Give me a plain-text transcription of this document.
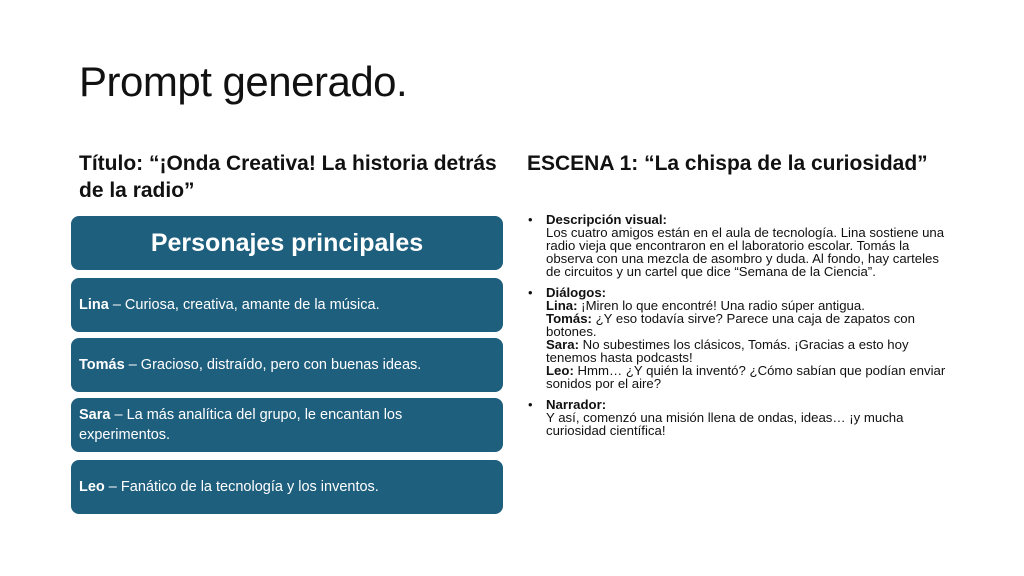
Prompt generado.
Título: “¡Onda Creativa! La historia detrás de la radio”
Personajes principales
Lina – Curiosa, creativa, amante de la música.
Tomás – Gracioso, distraído, pero con buenas ideas.
Sara – La más analítica del grupo, le encantan los experimentos.
Leo – Fanático de la tecnología y los inventos.
ESCENA 1: “La chispa de la curiosidad”
• Descripción visual:
Los cuatro amigos están en el aula de tecnología. Lina sostiene una radio vieja que encontraron en el laboratorio escolar. Tomás la observa con una mezcla de asombro y duda. Al fondo, hay carteles de circuitos y un cartel que dice “Semana de la Ciencia”.
• Diálogos:
Lina: ¡Miren lo que encontré! Una radio súper antigua.
Tomás: ¿Y eso todavía sirve? Parece una caja de zapatos con botones.
Sara: No subestimes los clásicos, Tomás. ¡Gracias a esto hoy tenemos hasta podcasts!
Leo: Hmm… ¿Y quién la inventó? ¿Cómo sabían que podían enviar sonidos por el aire?
• Narrador:
Y así, comenzó una misión llena de ondas, ideas… ¡y mucha curiosidad científica!
